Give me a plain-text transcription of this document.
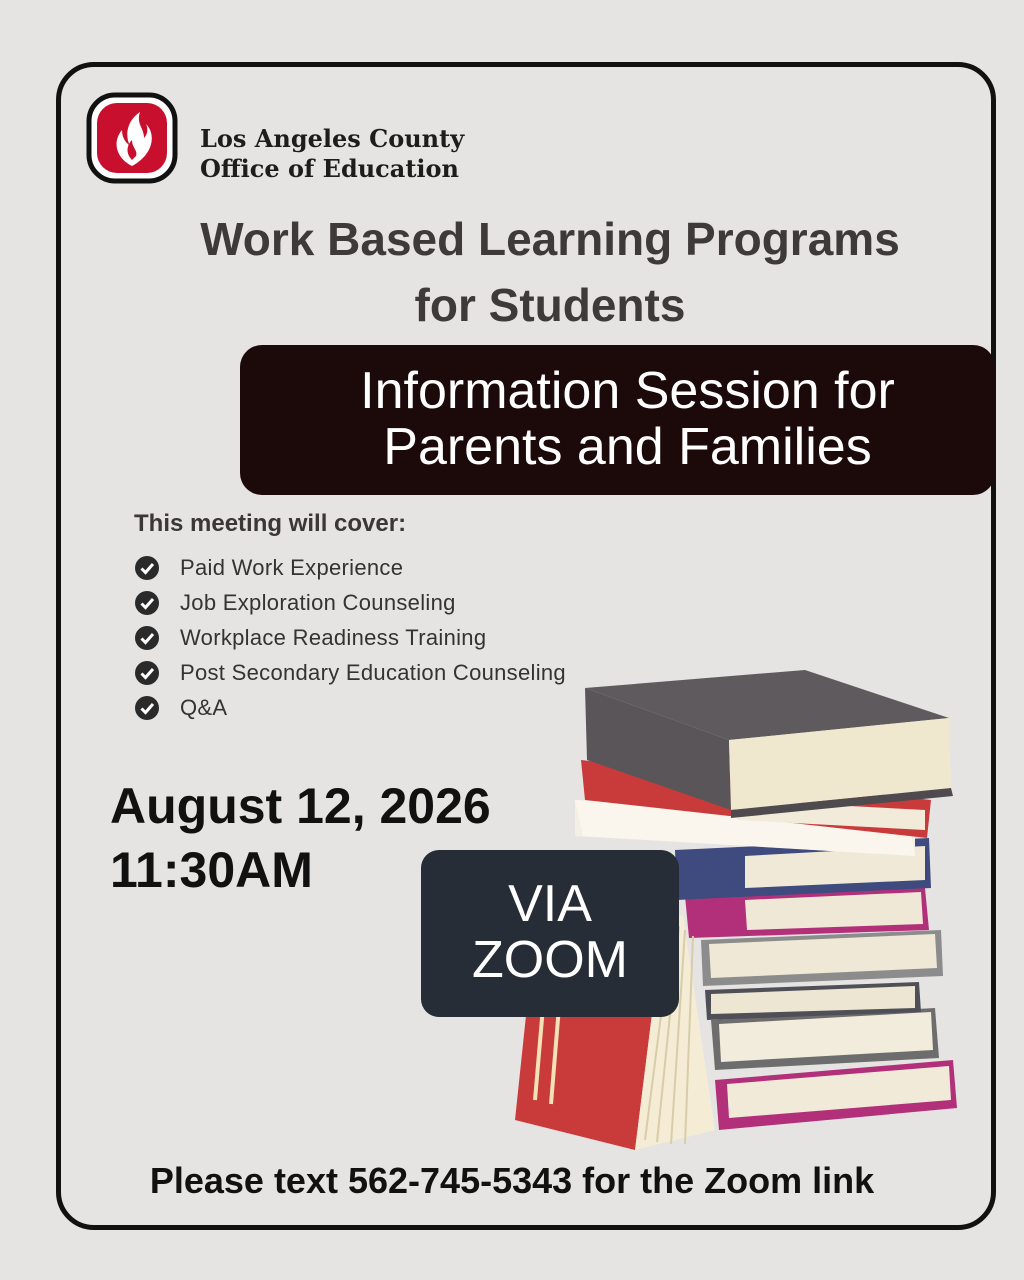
Los Angeles County
Office of Education
Work Based Learning Programs
for Students
Information Session for
Parents and Families
This meeting will cover:
Paid Work Experience
Job Exploration Counseling
Workplace Readiness Training
Post Secondary Education Counseling
Q&A
August 12, 2026
11:30AM
VIA
ZOOM
Please text 562-745-5343 for the Zoom link
